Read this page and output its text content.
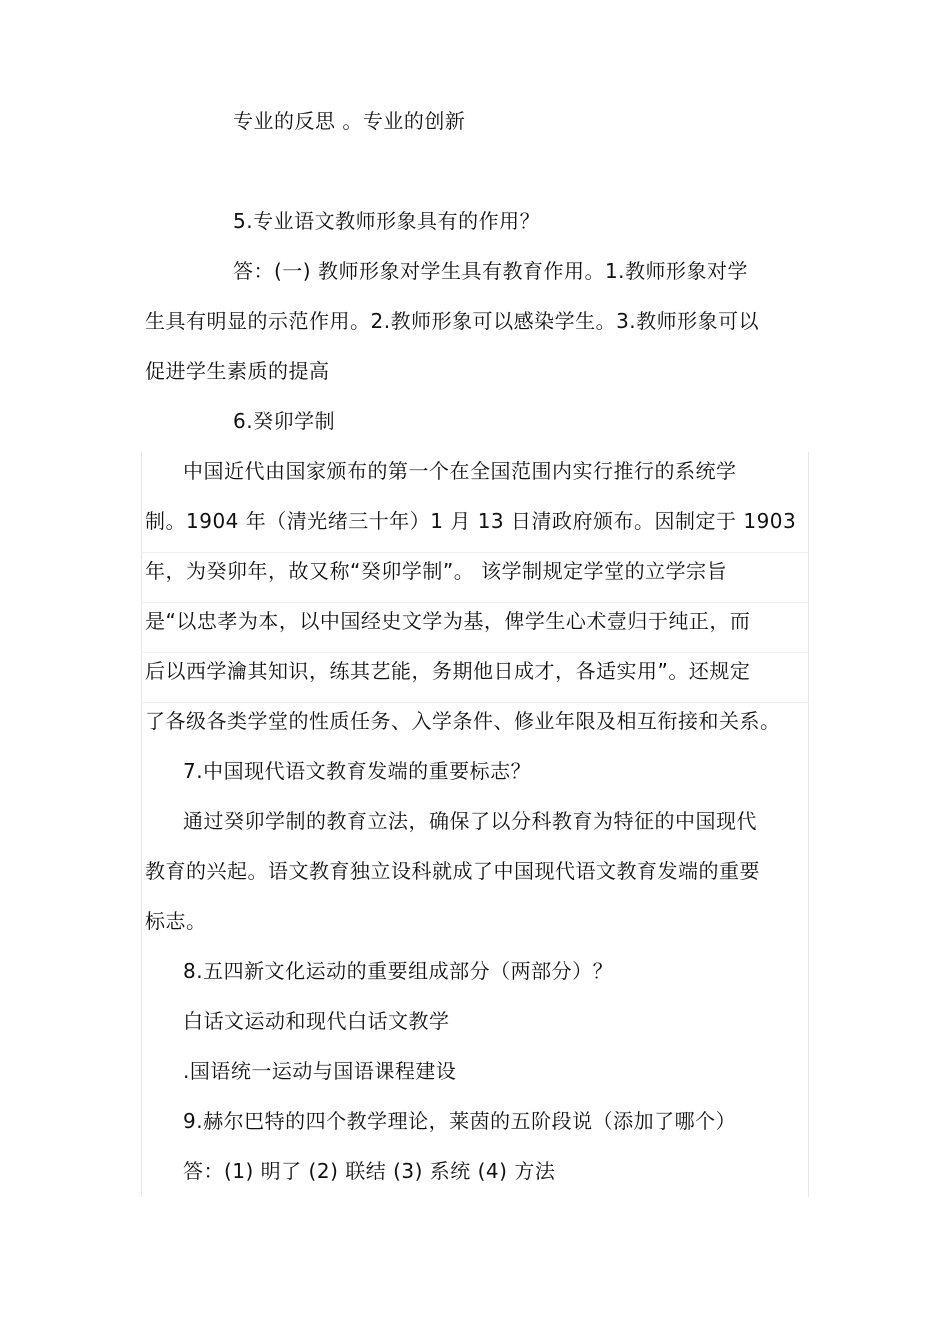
专业的反思 。专业的创新
5.专业语文教师形象具有的作用？
答：(一) 教师形象对学生具有教育作用。1.教师形象对学
生具有明显的示范作用。2.教师形象可以感染学生。3.教师形象可以
促进学生素质的提高
6.癸卯学制
中国近代由国家颁布的第一个在全国范围内实行推行的系统学
制。1904 年（清光绪三十年）1 月 13 日清政府颁布。因制定于 1903
年，为癸卯年，故又称“癸卯学制”。 该学制规定学堂的立学宗旨
是“以忠孝为本，以中国经史文学为基，俾学生心术壹归于纯正，而
后以西学瀹其知识，练其艺能，务期他日成才，各适实用”。还规定
了各级各类学堂的性质任务、入学条件、修业年限及相互衔接和关系。
7.中国现代语文教育发端的重要标志？
通过癸卯学制的教育立法，确保了以分科教育为特征的中国现代
教育的兴起。语文教育独立设科就成了中国现代语文教育发端的重要
标志。
8.五四新文化运动的重要组成部分（两部分）？
白话文运动和现代白话文教学
.国语统一运动与国语课程建设
9.赫尔巴特的四个教学理论，莱茵的五阶段说（添加了哪个）
答：(1) 明了 (2) 联结 (3) 系统 (4) 方法
